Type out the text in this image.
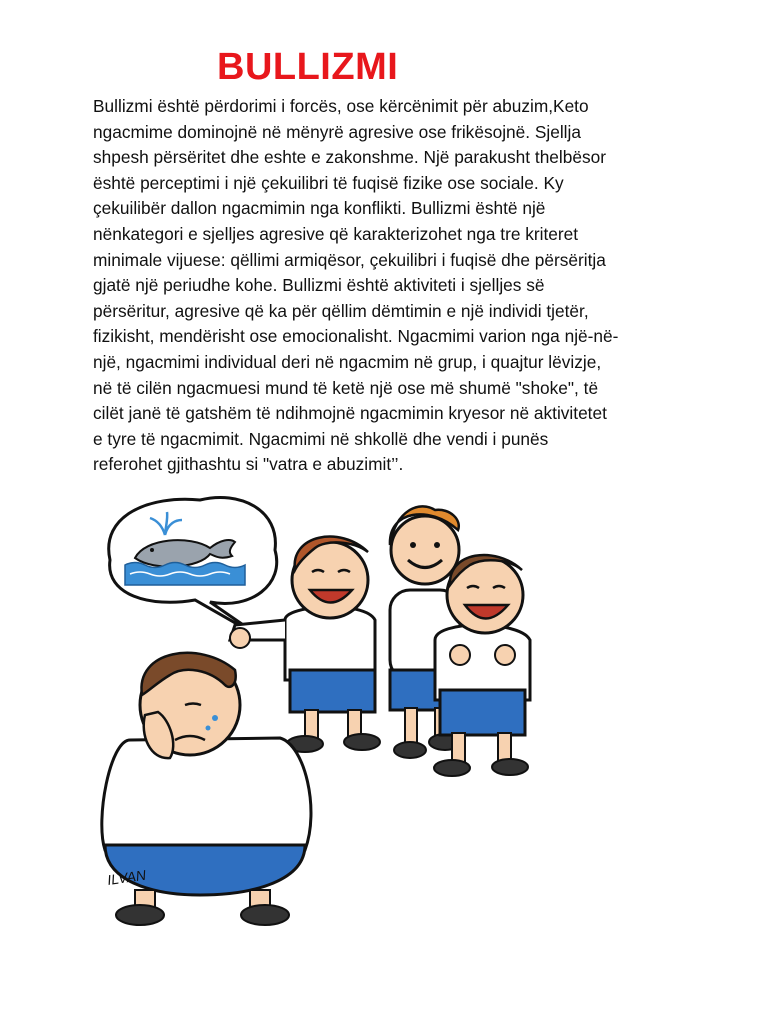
BULLIZMI

Bullizmi është përdorimi i forcës, ose kërcënimit për abuzim,Keto
ngacmime dominojnë në mënyrë agresive ose frikësojnë. Sjellja
shpesh përsëritet dhe eshte e zakonshme. Një parakusht thelbësor
është perceptimi i një çekuilibri të fuqisë fizike ose sociale. Ky
çekuilibër dallon ngacmimin nga konflikti. Bullizmi është një
nënkategori e sjelljes agresive që karakterizohet nga tre kriteret
minimale vijuese: qëllimi armiqësor, çekuilibri i fuqisë dhe përsëritja
gjatë një periudhe kohe. Bullizmi është aktiviteti i sjelljes së
përsëritur, agresive që ka për qëllim dëmtimin e një individi tjetër,
fizikisht, mendërisht ose emocionalisht. Ngacmimi varion nga një-në-
një, ngacmimi individual deri në ngacmim në grup, i quajtur lëvizje,
në të cilën ngacmuesi mund të ketë një ose më shumë "shoke", të
cilët janë të gatshëm të ndihmojnë ngacmimin kryesor në aktivitetet
e tyre të ngacmimit. Ngacmimi në shkollë dhe vendi i punës
referohet gjithashtu si "vatra e abuzimit’’.

ILVAN
